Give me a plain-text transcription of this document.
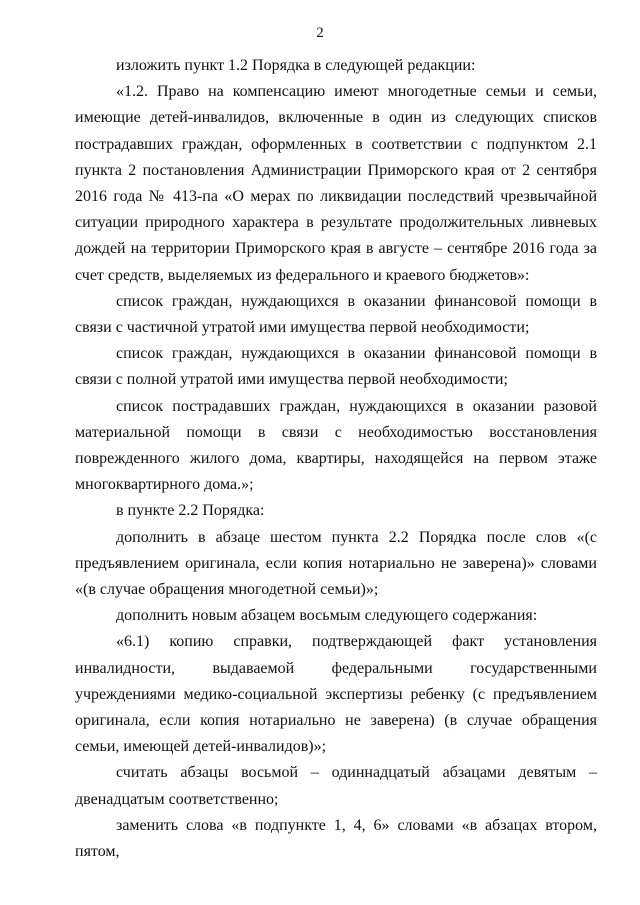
2

изложить пункт 1.2 Порядка в следующей редакции:

«1.2. Право на компенсацию имеют многодетные семьи и семьи, имеющие детей-инвалидов, включенные в один из следующих списков пострадавших граждан, оформленных в соответствии с подпунктом 2.1 пункта 2 постановления Администрации Приморского края от 2 сентября 2016 года № 413-па «О мерах по ликвидации последствий чрезвычайной ситуации природного характера в результате продолжительных ливневых дождей на территории Приморского края в августе – сентябре 2016 года за счет средств, выделяемых из федерального и краевого бюджетов»:

список граждан, нуждающихся в оказании финансовой помощи в связи с частичной утратой ими имущества первой необходимости;

список граждан, нуждающихся в оказании финансовой помощи в связи с полной утратой ими имущества первой необходимости;

список пострадавших граждан, нуждающихся в оказании разовой материальной помощи в связи с необходимостью восстановления поврежденного жилого дома, квартиры, находящейся на первом этаже многоквартирного дома.»;

в пункте 2.2 Порядка:

дополнить в абзаце шестом пункта 2.2 Порядка после слов «(с предъявлением оригинала, если копия нотариально не заверена)» словами «(в случае обращения многодетной семьи)»;

дополнить новым абзацем восьмым следующего содержания:

«6.1) копию справки, подтверждающей факт установления инвалидности, выдаваемой федеральными государственными учреждениями медико-социальной экспертизы ребенку (с предъявлением оригинала, если копия нотариально не заверена) (в случае обращения семьи, имеющей детей-инвалидов)»;

считать абзацы восьмой – одиннадцатый абзацами девятым – двенадцатым соответственно;

заменить слова «в подпункте 1, 4, 6» словами «в абзацах втором, пятом,
